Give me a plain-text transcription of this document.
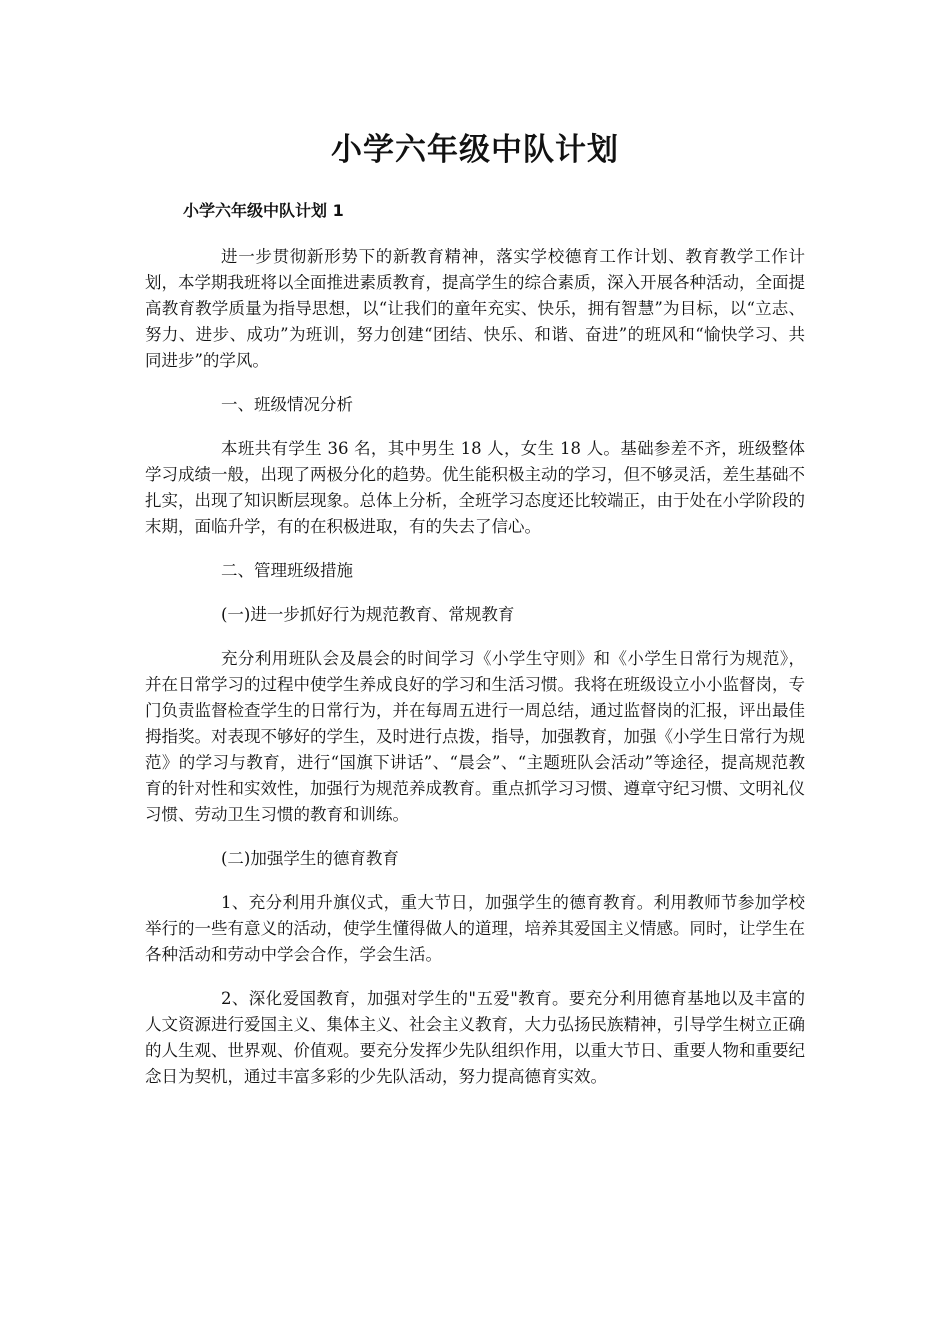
小学六年级中队计划
小学六年级中队计划 1

进一步贯彻新形势下的新教育精神，落实学校德育工作计划、教育教学工作计划，本学期我班将以全面推进素质教育，提高学生的综合素质，深入开展各种活动，全面提高教育教学质量为指导思想，以“让我们的童年充实、快乐，拥有智慧”为目标，以“立志、努力、进步、成功”为班训，努力创建“团结、快乐、和谐、奋进”的班风和“愉快学习、共同进步”的学风。

一、班级情况分析

本班共有学生 36 名，其中男生 18 人，女生 18 人。基础参差不齐，班级整体学习成绩一般，出现了两极分化的趋势。优生能积极主动的学习，但不够灵活，差生基础不扎实，出现了知识断层现象。总体上分析，全班学习态度还比较端正，由于处在小学阶段的末期，面临升学，有的在积极进取，有的失去了信心。

二、管理班级措施

(一)进一步抓好行为规范教育、常规教育

充分利用班队会及晨会的时间学习《小学生守则》和《小学生日常行为规范》，并在日常学习的过程中使学生养成良好的学习和生活习惯。我将在班级设立小小监督岗，专门负责监督检查学生的日常行为，并在每周五进行一周总结，通过监督岗的汇报，评出最佳拇指奖。对表现不够好的学生，及时进行点拨，指导，加强教育，加强《小学生日常行为规范》的学习与教育，进行“国旗下讲话”、“晨会”、“主题班队会活动”等途径，提高规范教育的针对性和实效性，加强行为规范养成教育。重点抓学习习惯、遵章守纪习惯、文明礼仪习惯、劳动卫生习惯的教育和训练。

(二)加强学生的德育教育

1、充分利用升旗仪式，重大节日，加强学生的德育教育。利用教师节参加学校举行的一些有意义的活动，使学生懂得做人的道理，培养其爱国主义情感。同时，让学生在各种活动和劳动中学会合作，学会生活。

2、深化爱国教育，加强对学生的"五爱"教育。要充分利用德育基地以及丰富的人文资源进行爱国主义、集体主义、社会主义教育，大力弘扬民族精神，引导学生树立正确的人生观、世界观、价值观。要充分发挥少先队组织作用，以重大节日、重要人物和重要纪念日为契机，通过丰富多彩的少先队活动，努力提高德育实效。
